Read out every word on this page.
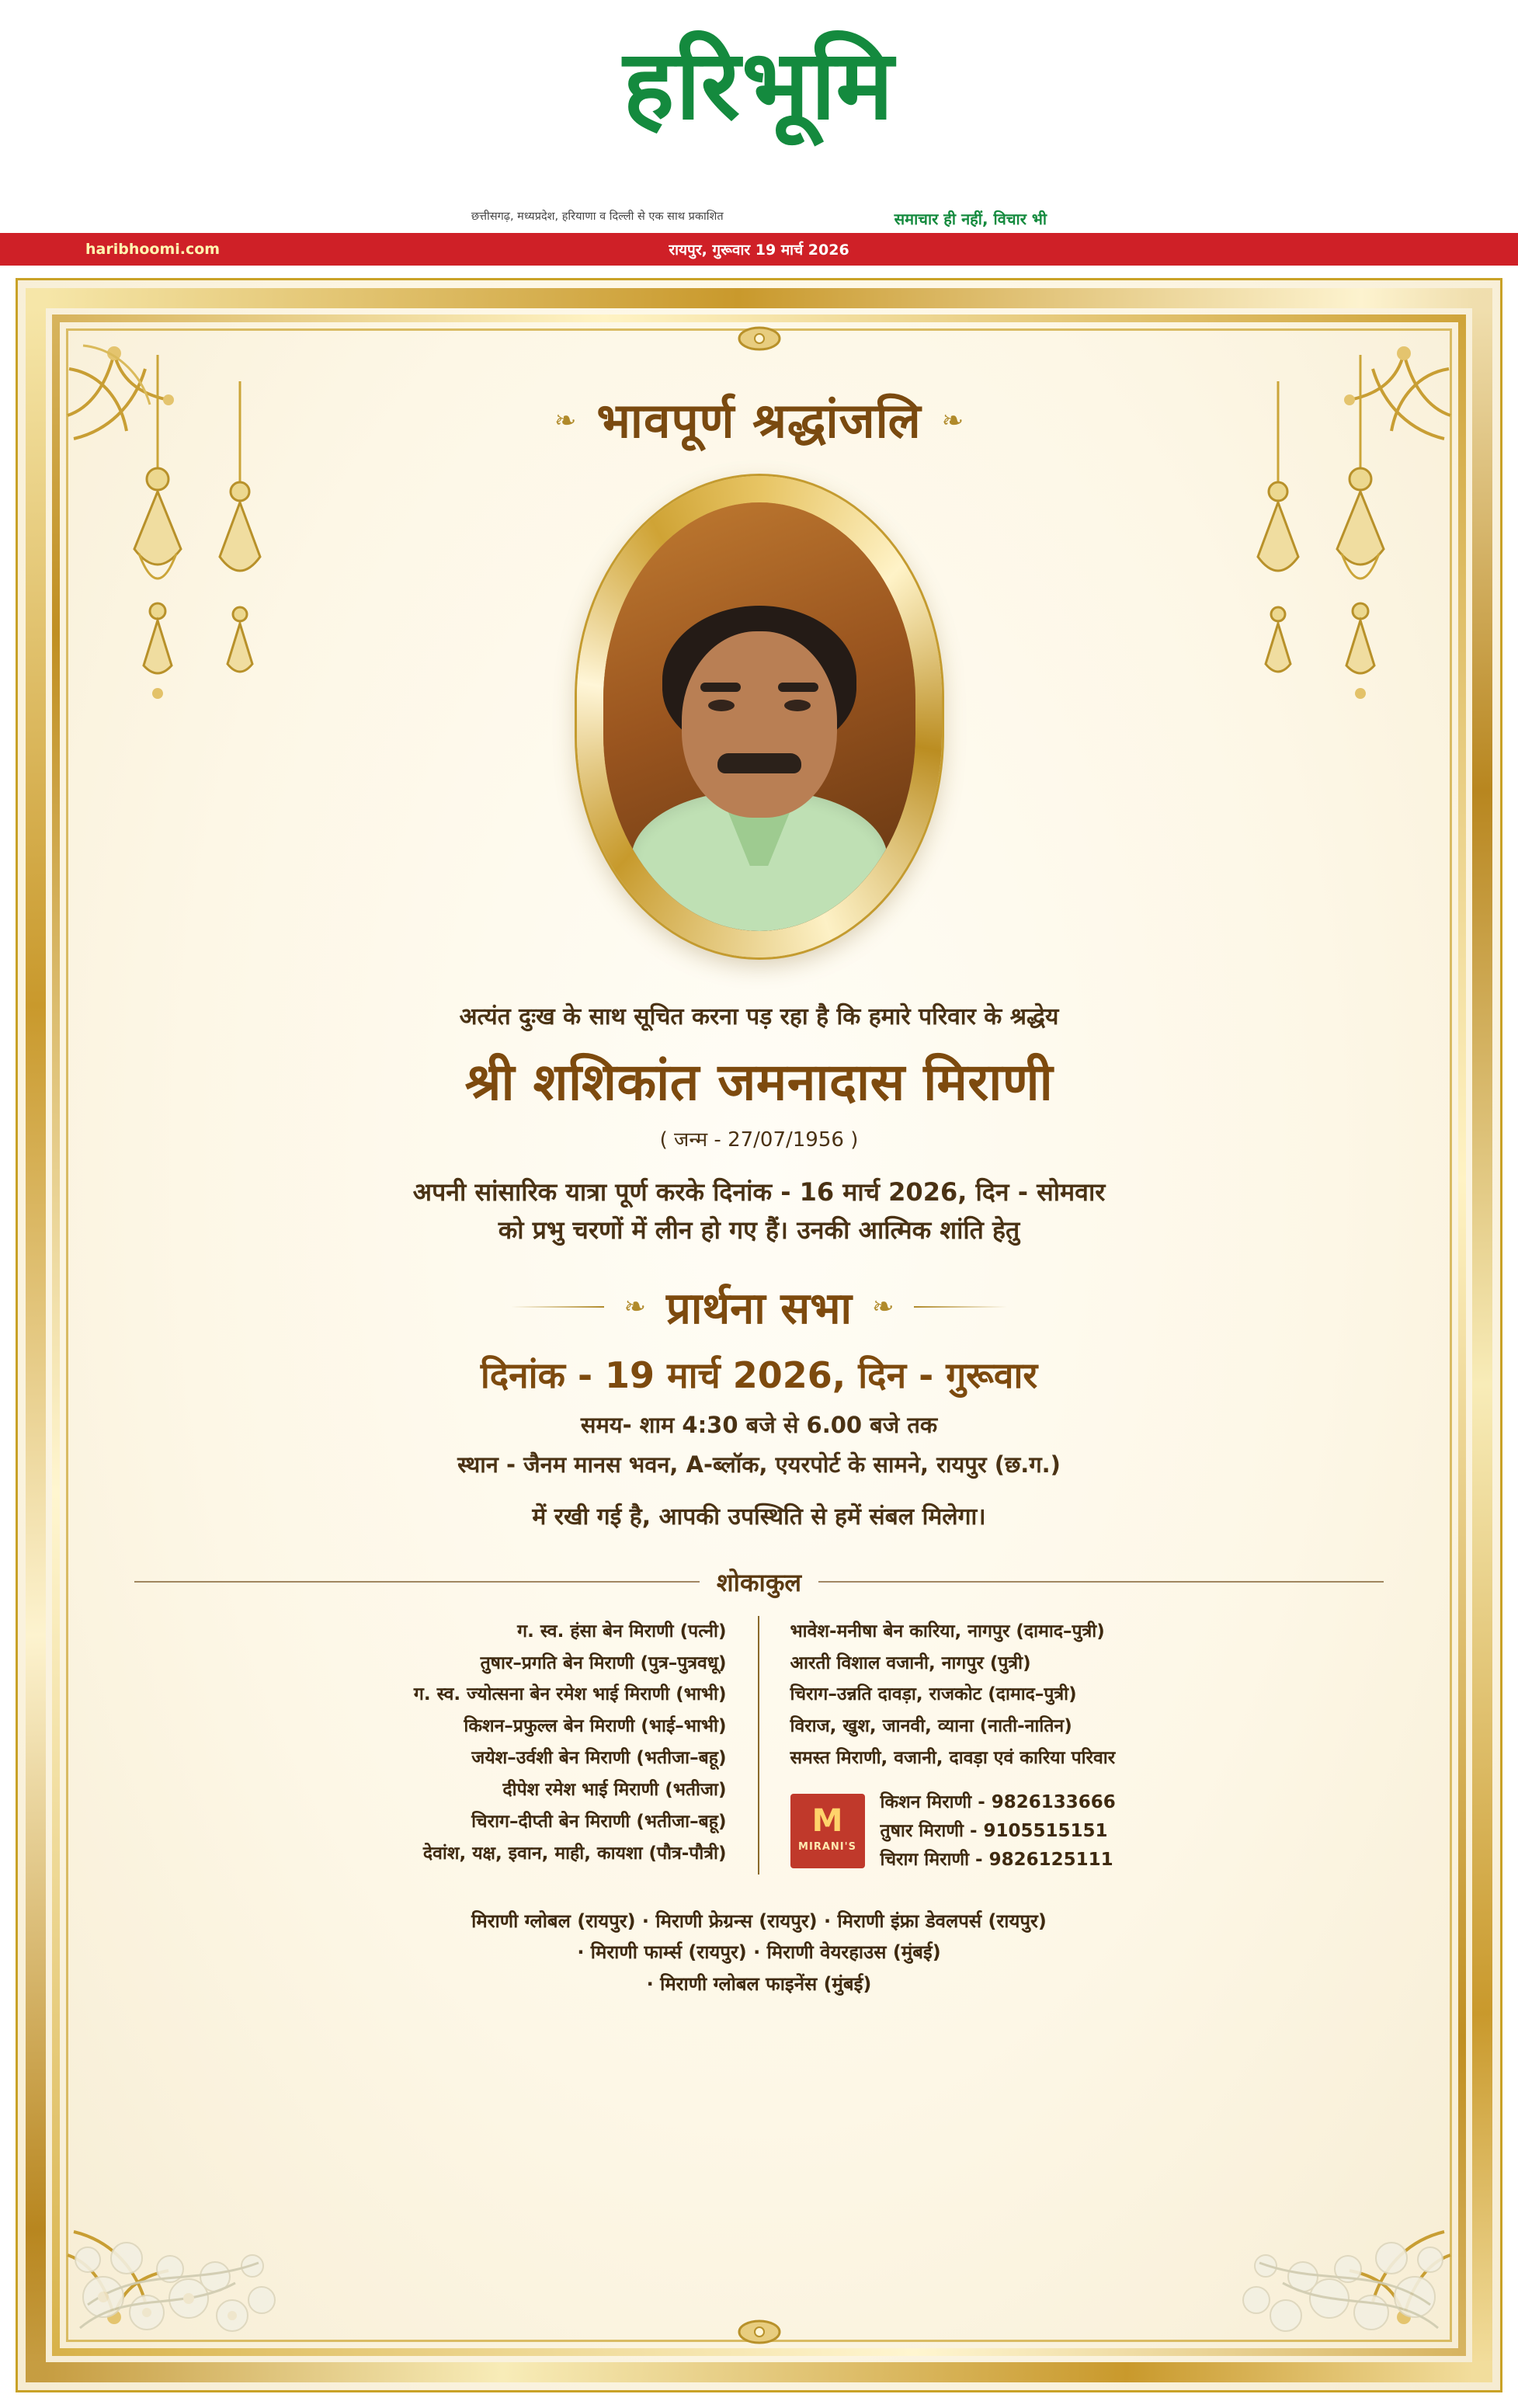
हरिभूमि
छत्तीसगढ़, मध्यप्रदेश, हरियाणा व दिल्ली से एक साथ प्रकाशित	समाचार ही नहीं, विचार भी
haribhoomi.com	रायपुर, गुरूवार 19 मार्च 2026
❧ भावपूर्ण श्रद्धांजलि ❧
अत्यंत दुःख के साथ सूचित करना पड़ रहा है कि हमारे परिवार के श्रद्धेय
श्री शशिकांत जमनादास मिराणी
( जन्म - 27/07/1956 )
अपनी सांसारिक यात्रा पूर्ण करके दिनांक - 16 मार्च 2026, दिन - सोमवार
को प्रभु चरणों में लीन हो गए हैं। उनकी आत्मिक शांति हेतु
❧ प्रार्थना सभा ❧
दिनांक - 19 मार्च 2026, दिन - गुरूवार
समय- शाम 4:30 बजे से 6.00 बजे तक
स्थान - जैनम मानस भवन, A-ब्लॉक, एयरपोर्ट के सामने, रायपुर (छ.ग.)
में रखी गई है, आपकी उपस्थिति से हमें संबल मिलेगा।
शोकाकुल
ग. स्व. हंसा बेन मिराणी (पत्नी)
तुषार–प्रगति बेन मिराणी (पुत्र–पुत्रवधू)
ग. स्व. ज्योत्सना बेन रमेश भाई मिराणी (भाभी)
किशन–प्रफुल्ल बेन मिराणी (भाई–भाभी)
जयेश–उर्वशी बेन मिराणी (भतीजा–बहू)
दीपेश रमेश भाई मिराणी (भतीजा)
चिराग–दीप्ती बेन मिराणी (भतीजा–बहू)
देवांश, यक्ष, इवान, माही, कायशा (पौत्र-पौत्री)
भावेश-मनीषा बेन कारिया, नागपुर (दामाद–पुत्री)
आरती विशाल वजानी, नागपुर (पुत्री)
चिराग–उन्नति दावड़ा, राजकोट (दामाद–पुत्री)
विराज, खुश, जानवी, व्याना (नाती-नातिन)
समस्त मिराणी, वजानी, दावड़ा एवं कारिया परिवार
M
MIRANI'S
किशन मिराणी - 9826133666
तुषार मिराणी - 9105515151
चिराग मिराणी - 9826125111
मिराणी ग्लोबल (रायपुर) · मिराणी फ्रेग्रन्स (रायपुर) · मिराणी इंफ्रा डेवलपर्स (रायपुर)
· मिराणी फार्म्स (रायपुर) · मिराणी वेयरहाउस (मुंबई)
· मिराणी ग्लोबल फाइनेंस (मुंबई)
